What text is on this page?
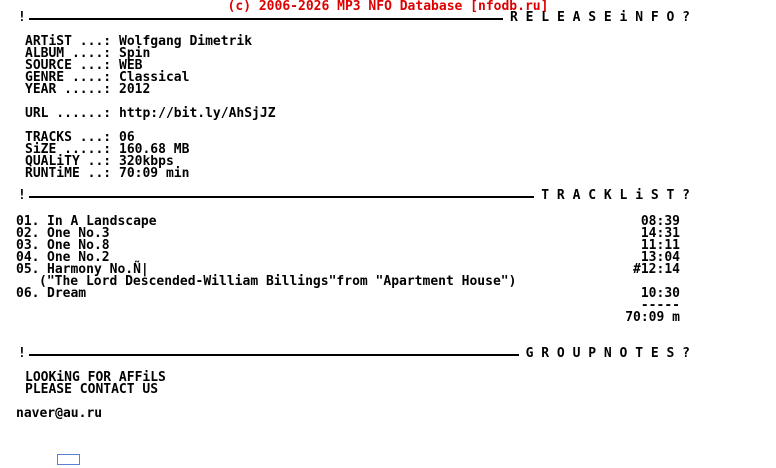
(c) 2006-2026 MP3 NFO Database [nfodb.ru]
!	R E L E A S E i N F O ?
ARTiST ...: Wolfgang Dimetrik
ALBUM ....: Spin
SOURCE ...: WEB
GENRE ....: Classical
YEAR .....: 2012
URL ......: http://bit.ly/AhSjJZ
TRACKS ...: 06
SiZE .....: 160.68 MB
QUALiTY ..: 320kbps
RUNTiME ..: 70:09 min
!	T R A C K L i S T ?
01. In A Landscape	08:39
02. One No.3	14:31
03. One No.8	11:11
04. One No.2	13:04
05. Harmony No.Ñ|	#12:14
("The Lord Descended-William Billings"from "Apartment House")
06. Dream	10:30
-----
70:09 m
!	G R O U P N O T E S ?
LOOKiNG FOR AFFiLS
PLEASE CONTACT US
naver@au.ru
